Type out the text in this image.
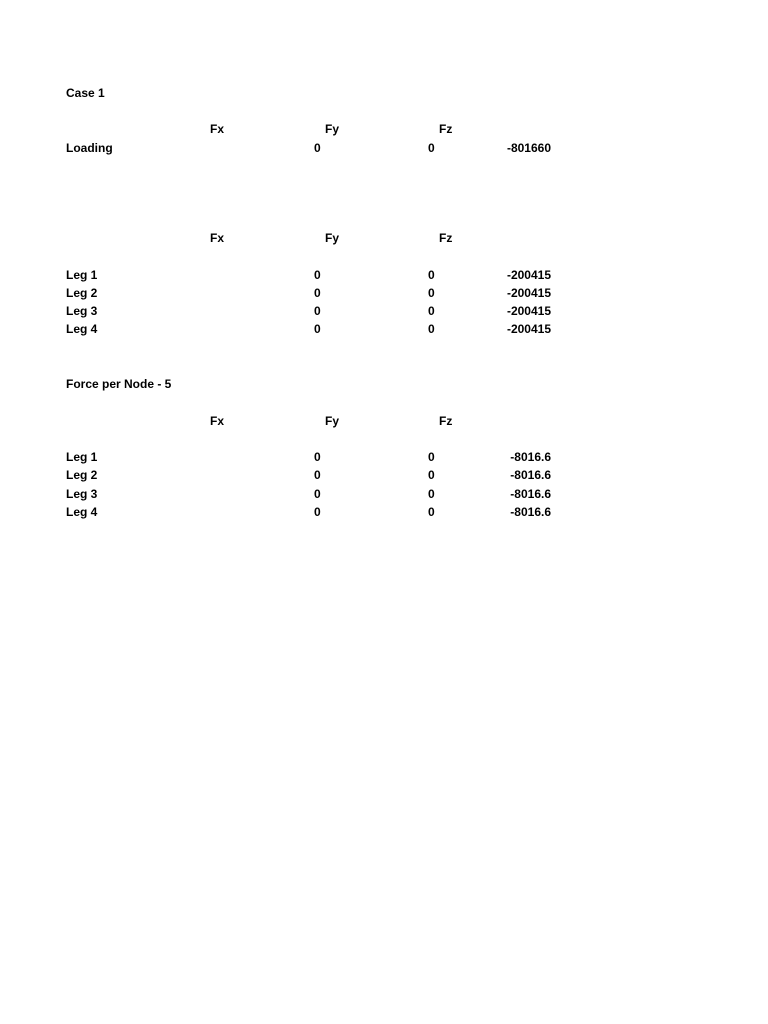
Case 1
Fx	Fy	Fz
Loading	0	0	-801660
Fx	Fy	Fz
Leg 1	0	0	-200415
Leg 2	0	0	-200415
Leg 3	0	0	-200415
Leg 4	0	0	-200415
Force per Node - 5
Fx	Fy	Fz
Leg 1	0	0	-8016.6
Leg 2	0	0	-8016.6
Leg 3	0	0	-8016.6
Leg 4	0	0	-8016.6
